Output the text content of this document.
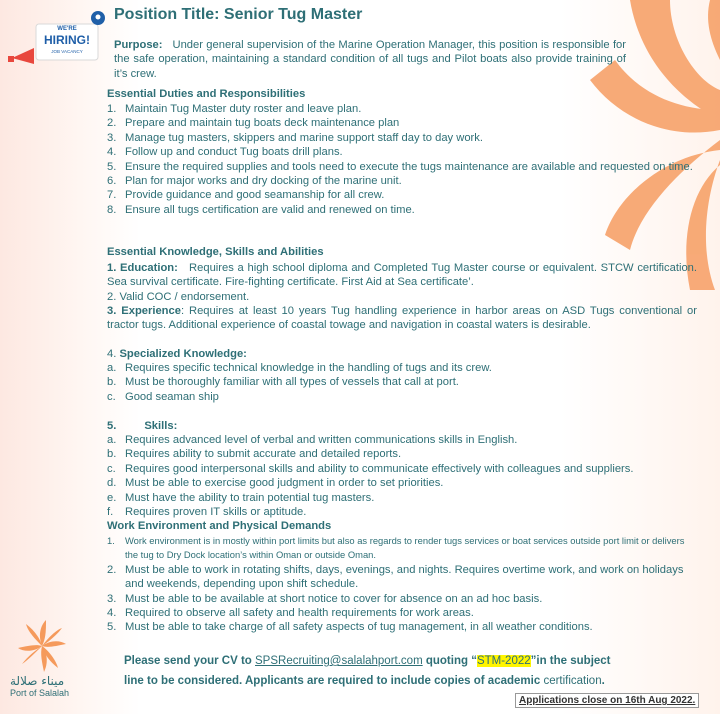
WE'RE
HIRING!
JOB VACANCY
Position Title: Senior Tug Master
Purpose: Under general supervision of the Marine Operation Manager, this position is responsible for the safe operation, maintaining a standard condition of all tugs and Pilot boats also provide training of it’s crew.
Essential Duties and Responsibilities
1. Maintain Tug Master duty roster and leave plan.
2. Prepare and maintain tug boats deck maintenance plan
3. Manage tug masters, skippers and marine support staff day to day work.
4. Follow up and conduct Tug boats drill plans.
5. Ensure the required supplies and tools need to execute the tugs maintenance are available and requested on time.
6. Plan for major works and dry docking of the marine unit.
7. Provide guidance and good seamanship for all crew.
8. Ensure all tugs certification are valid and renewed on time.
Essential Knowledge, Skills and Abilities
1. Education: Requires a high school diploma and Completed Tug Master course or equivalent. STCW certification. Sea survival certificate. Fire-fighting certificate. First Aid at Sea certificate’.
2. Valid COC / endorsement.
3. Experience: Requires at least 10 years Tug handling experience in harbor areas on ASD Tugs conventional or tractor tugs. Additional experience of coastal towage and navigation in coastal waters is desirable.
4. Specialized Knowledge:
a. Requires specific technical knowledge in the handling of tugs and its crew.
b. Must be thoroughly familiar with all types of vessels that call at port.
c. Good seaman ship
5.	Skills:
a. Requires advanced level of verbal and written communications skills in English.
b. Requires ability to submit accurate and detailed reports.
c. Requires good interpersonal skills and ability to communicate effectively with colleagues and suppliers.
d. Must be able to exercise good judgment in order to set priorities.
e. Must have the ability to train potential tug masters.
f. Requires proven IT skills or aptitude.
Work Environment and Physical Demands
1. Work environment is in mostly within port limits but also as regards to render tugs services or boat services outside port limit or delivers the tug to Dry Dock location’s within Oman or outside Oman.
2. Must be able to work in rotating shifts, days, evenings, and nights. Requires overtime work, and work on holidays and weekends, depending upon shift schedule.
3. Must be able to be available at short notice to cover for absence on an ad hoc basis.
4. Required to observe all safety and health requirements for work areas.
5. Must be able to take charge of all safety aspects of tug management, in all weather conditions.
Please send your CV to SPSRecruiting@salalahport.com quoting “STM-2022”in the subject
line to be considered. Applicants are required to include copies of academic certification.
Applications close on 16th Aug 2022.
ميناء صلالة
Port of Salalah
